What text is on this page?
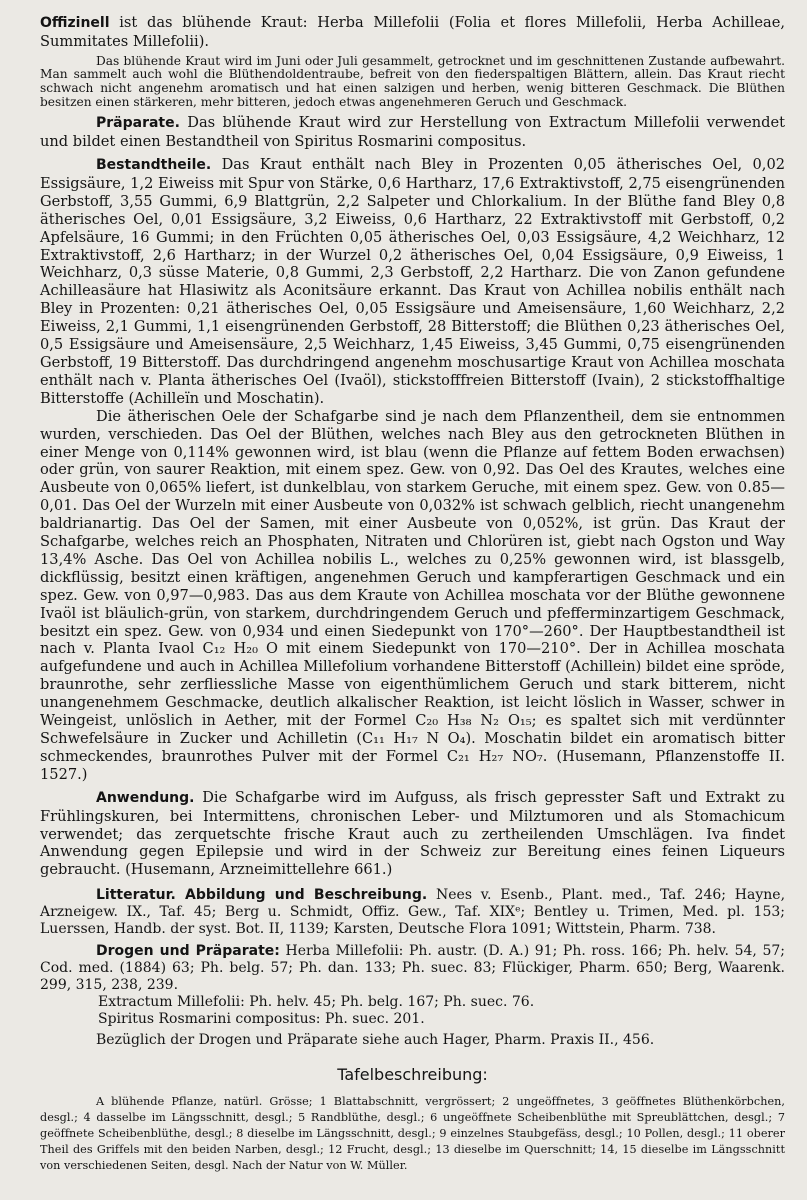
Offizinell ist das blühende Kraut: Herba Millefolii (Folia et flores Millefolii, Herba Achilleae, Summitates Millefolii).

Das blühende Kraut wird im Juni oder Juli gesammelt, getrocknet und im geschnittenen Zustande aufbewahrt. Man sammelt auch wohl die Blüthendoldentraube, befreit von den fiederspaltigen Blättern, allein. Das Kraut riecht schwach nicht angenehm aromatisch und hat einen salzigen und herben, wenig bitteren Geschmack. Die Blüthen besitzen einen stärkeren, mehr bitteren, jedoch etwas angenehmeren Geruch und Geschmack.

Präparate. Das blühende Kraut wird zur Herstellung von Extractum Millefolii verwendet und bildet einen Bestandtheil von Spiritus Rosmarini compositus.

Bestandtheile. Das Kraut enthält nach Bley in Prozenten 0,05 ätherisches Oel, 0,02 Essigsäure, 1,2 Eiweiss mit Spur von Stärke, 0,6 Hartharz, 17,6 Extraktivstoff, 2,75 eisengrünenden Gerbstoff, 3,55 Gummi, 6,9 Blattgrün, 2,2 Salpeter und Chlorkalium. In der Blüthe fand Bley 0,8 ätherisches Oel, 0,01 Essigsäure, 3,2 Eiweiss, 0,6 Hartharz, 22 Extraktivstoff mit Gerbstoff, 0,2 Apfelsäure, 16 Gummi; in den Früchten 0,05 ätherisches Oel, 0,03 Essigsäure, 4,2 Weichharz, 12 Extraktivstoff, 2,6 Hartharz; in der Wurzel 0,2 ätherisches Oel, 0,04 Essigsäure, 0,9 Eiweiss, 1 Weichharz, 0,3 süsse Materie, 0,8 Gummi, 2,3 Gerbstoff, 2,2 Hartharz. Die von Zanon gefundene Achilleasäure hat Hlasiwitz als Aconitsäure erkannt. Das Kraut von Achillea nobilis enthält nach Bley in Prozenten: 0,21 ätherisches Oel, 0,05 Essigsäure und Ameisensäure, 1,60 Weichharz, 2,2 Eiweiss, 2,1 Gummi, 1,1 eisengrünenden Gerbstoff, 28 Bitterstoff; die Blüthen 0,23 ätherisches Oel, 0,5 Essigsäure und Ameisensäure, 2,5 Weichharz, 1,45 Eiweiss, 3,45 Gummi, 0,75 eisengrünenden Gerbstoff, 19 Bitterstoff. Das durchdringend angenehm moschusartige Kraut von Achillea moschata enthält nach v. Planta ätherisches Oel (Ivaöl), stickstofffreien Bitterstoff (Ivain), 2 stickstoffhaltige Bitterstoffe (Achilleïn und Moschatin).

Die ätherischen Oele der Schafgarbe sind je nach dem Pflanzentheil, dem sie entnommen wurden, verschieden. Das Oel der Blüthen, welches nach Bley aus den getrockneten Blüthen in einer Menge von 0,114% gewonnen wird, ist blau (wenn die Pflanze auf fettem Boden erwachsen) oder grün, von saurer Reaktion, mit einem spez. Gew. von 0,92. Das Oel des Krautes, welches eine Ausbeute von 0,065% liefert, ist dunkelblau, von starkem Geruche, mit einem spez. Gew. von 0.85—0,01. Das Oel der Wurzeln mit einer Ausbeute von 0,032% ist schwach gelblich, riecht unangenehm baldrianartig. Das Oel der Samen, mit einer Ausbeute von 0,052%, ist grün. Das Kraut der Schafgarbe, welches reich an Phosphaten, Nitraten und Chlorüren ist, giebt nach Ogston und Way 13,4% Asche. Das Oel von Achillea nobilis L., welches zu 0,25% gewonnen wird, ist blassgelb, dickflüssig, besitzt einen kräftigen, angenehmen Geruch und kampferartigen Geschmack und ein spez. Gew. von 0,97—0,983. Das aus dem Kraute von Achillea moschata vor der Blüthe gewonnene Ivaöl ist bläulich-grün, von starkem, durchdringendem Geruch und pfefferminzartigem Geschmack, besitzt ein spez. Gew. von 0,934 und einen Siedepunkt von 170°—260°. Der Hauptbestandtheil ist nach v. Planta Ivaol C₁₂ H₂₀ O mit einem Siedepunkt von 170—210°. Der in Achillea moschata aufgefundene und auch in Achillea Millefolium vorhandene Bitterstoff (Achillein) bildet eine spröde, braunrothe, sehr zerfliessliche Masse von eigenthümlichem Geruch und stark bitterem, nicht unangenehmem Geschmacke, deutlich alkalischer Reaktion, ist leicht löslich in Wasser, schwer in Weingeist, unlöslich in Aether, mit der Formel C₂₀ H₃₈ N₂ O₁₅; es spaltet sich mit verdünnter Schwefelsäure in Zucker und Achilletin (C₁₁ H₁₇ N O₄). Moschatin bildet ein aromatisch bitter schmeckendes, braunrothes Pulver mit der Formel C₂₁ H₂₇ NO₇. (Husemann, Pflanzenstoffe II. 1527.)

Anwendung. Die Schafgarbe wird im Aufguss, als frisch gepresster Saft und Extrakt zu Frühlingskuren, bei Intermittens, chronischen Leber- und Milztumoren und als Stomachicum verwendet; das zerquetschte frische Kraut auch zu zertheilenden Umschlägen. Iva findet Anwendung gegen Epilepsie und wird in der Schweiz zur Bereitung eines feinen Liqueurs gebraucht. (Husemann, Arzneimittellehre 661.)

Litteratur. Abbildung und Beschreibung. Nees v. Esenb., Plant. med., Taf. 246; Hayne, Arzneigew. IX., Taf. 45; Berg u. Schmidt, Offiz. Gew., Taf. XIXᵉ; Bentley u. Trimen, Med. pl. 153; Luerssen, Handb. der syst. Bot. II, 1139; Karsten, Deutsche Flora 1091; Wittstein, Pharm. 738.

Drogen und Präparate: Herba Millefolii: Ph. austr. (D. A.) 91; Ph. ross. 166; Ph. helv. 54, 57; Cod. med. (1884) 63; Ph. belg. 57; Ph. dan. 133; Ph. suec. 83; Flückiger, Pharm. 650; Berg, Waarenk. 299, 315, 238, 239.

Extractum Millefolii: Ph. helv. 45; Ph. belg. 167; Ph. suec. 76.

Spiritus Rosmarini compositus: Ph. suec. 201.

Bezüglich der Drogen und Präparate siehe auch Hager, Pharm. Praxis II., 456.

Tafelbeschreibung:

A blühende Pflanze, natürl. Grösse; 1 Blattabschnitt, vergrössert; 2 ungeöffnetes, 3 geöffnetes Blüthenkörbchen, desgl.; 4 dasselbe im Längsschnitt, desgl.; 5 Randblüthe, desgl.; 6 ungeöffnete Scheibenblüthe mit Spreublättchen, desgl.; 7 geöffnete Scheibenblüthe, desgl.; 8 dieselbe im Längsschnitt, desgl.; 9 einzelnes Staubgefäss, desgl.; 10 Pollen, desgl.; 11 oberer Theil des Griffels mit den beiden Narben, desgl.; 12 Frucht, desgl.; 13 dieselbe im Querschnitt; 14, 15 dieselbe im Längsschnitt von verschiedenen Seiten, desgl. Nach der Natur von W. Müller.
